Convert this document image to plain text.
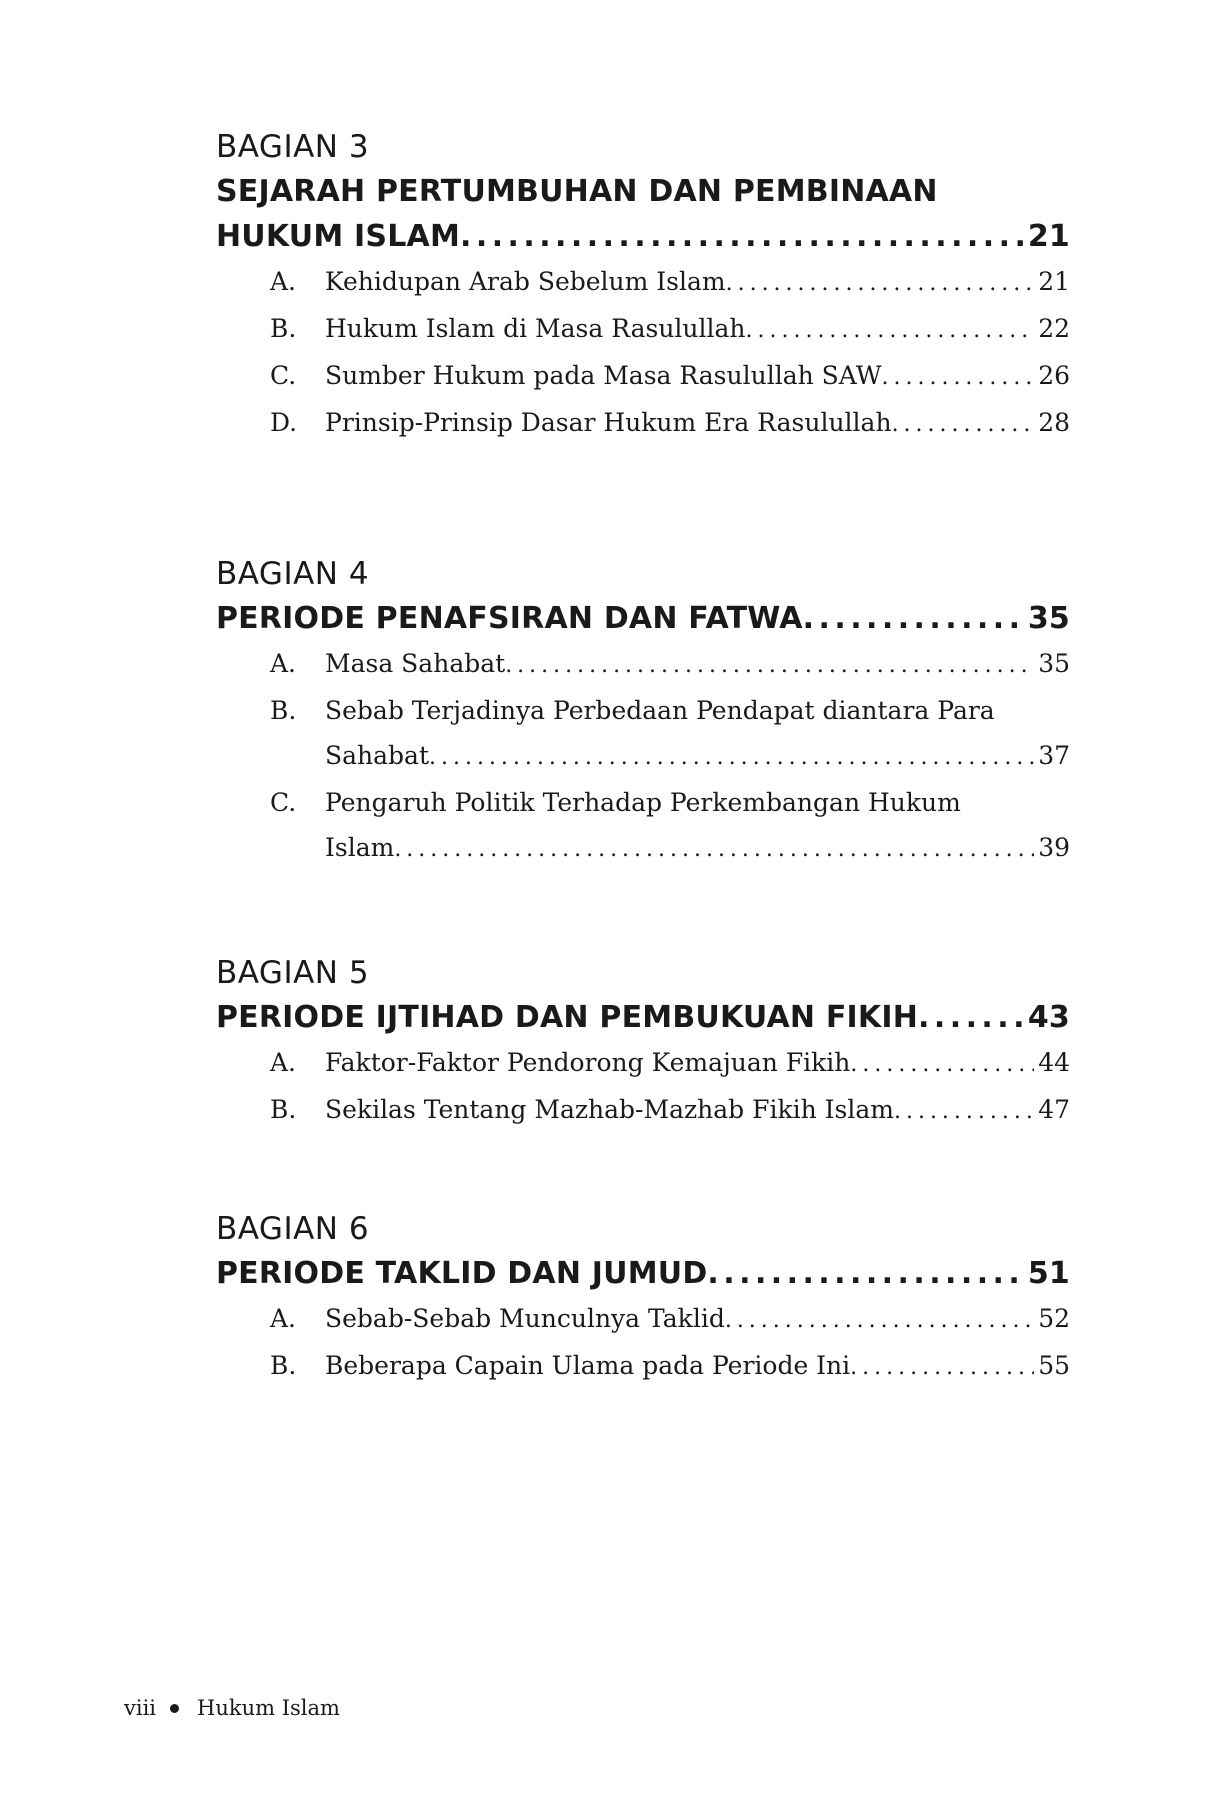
BAGIAN 3
SEJARAH PERTUMBUHAN DAN PEMBINAAN
HUKUM ISLAM . . .	21
A.	Kehidupan Arab Sebelum Islam . . .	21
B.	Hukum Islam di Masa Rasulullah . . .	22
C.	Sumber Hukum pada Masa Rasulullah SAW . . .	26
D.	Prinsip-Prinsip Dasar Hukum Era Rasulullah . . .	28
BAGIAN 4
PERIODE PENAFSIRAN DAN FATWA . . .	35
A.	Masa Sahabat . . .	35
B.	Sebab Terjadinya Perbedaan Pendapat diantara Para
Sahabat . . .	37
C.	Pengaruh Politik Terhadap Perkembangan Hukum
Islam . . .	39
BAGIAN 5
PERIODE IJTIHAD DAN PEMBUKUAN FIKIH . . .	43
A.	Faktor-Faktor Pendorong Kemajuan Fikih . . .	44
B.	Sekilas Tentang Mazhab-Mazhab Fikih Islam . . .	47
BAGIAN 6
PERIODE TAKLID DAN JUMUD . . .	51
A.	Sebab-Sebab Munculnya Taklid . . .	52
B.	Beberapa Capain Ulama pada Periode Ini . . .	55
viii Hukum Islam
